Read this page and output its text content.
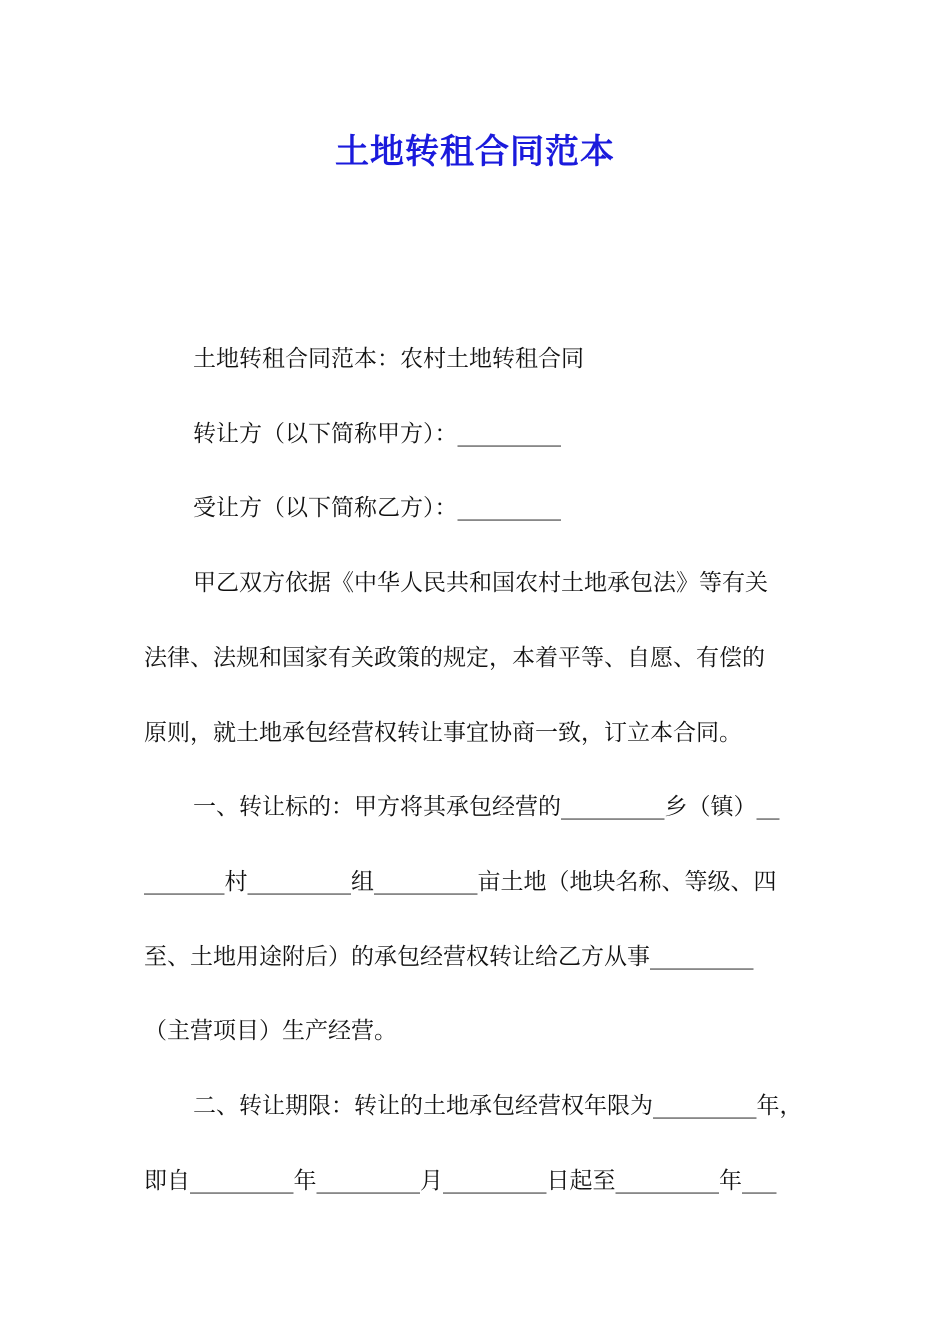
土地转租合同范本
土地转租合同范本：农村土地转租合同
转让方（以下简称甲方）：_________
受让方（以下简称乙方）：_________
甲乙双方依据《中华人民共和国农村土地承包法》等有关
法律、法规和国家有关政策的规定，本着平等、自愿、有偿的
原则，就土地承包经营权转让事宜协商一致，订立本合同。
一、转让标的：甲方将其承包经营的_________乡（镇）__
_______村_________组_________亩土地（地块名称、等级、四
至、土地用途附后）的承包经营权转让给乙方从事_________
（主营项目）生产经营。
二、转让期限：转让的土地承包经营权年限为_________年，
即自_________年_________月_________日起至_________年___
